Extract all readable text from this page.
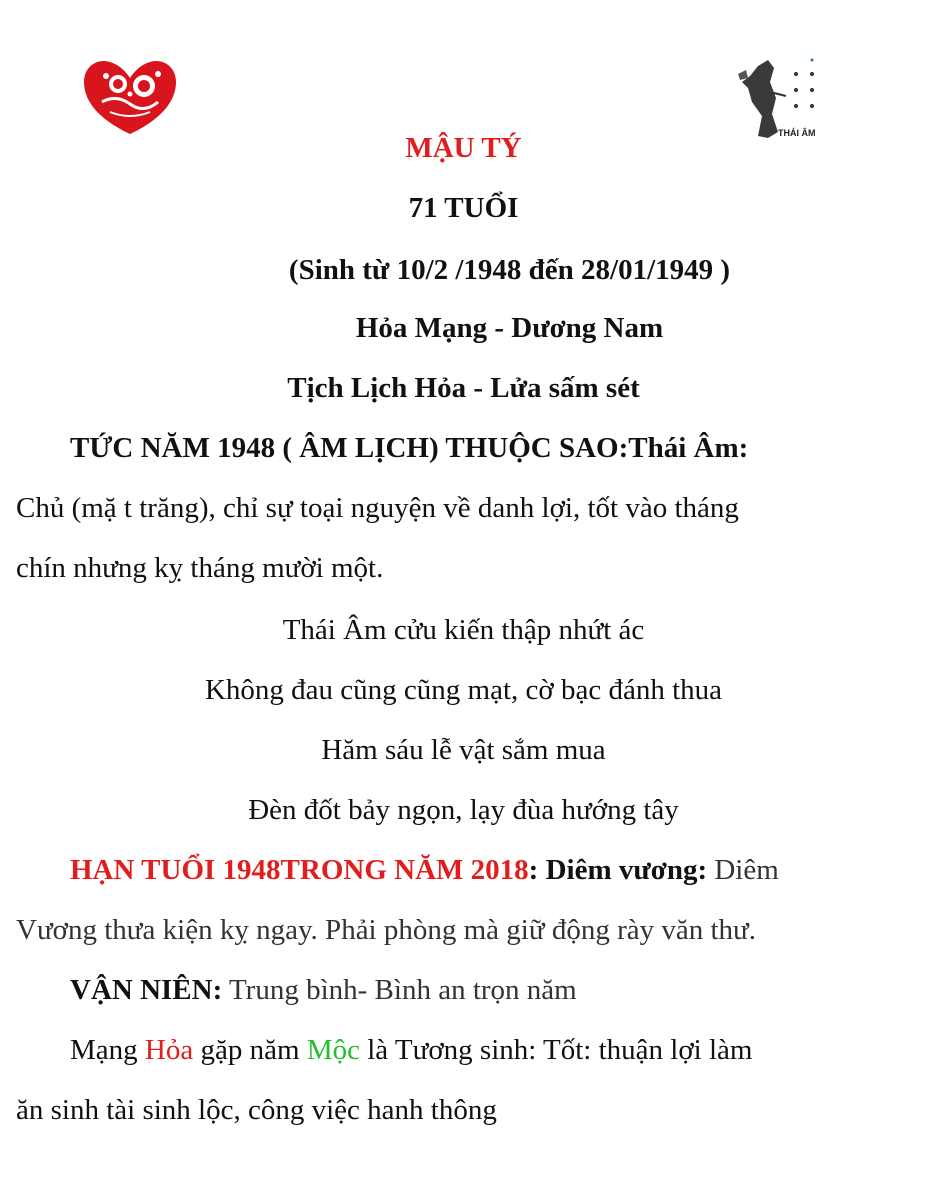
THÁI ÂM
MẬU TÝ
71 TUỔI
(Sinh từ 10/2 /1948 đến 28/01/1949 )
Hỏa Mạng - Dương Nam
Tịch Lịch Hỏa - Lửa sấm sét
TỨC NĂM 1948 ( ÂM LỊCH) THUỘC SAO:Thái Âm:
Chủ (mặ t trăng), chỉ sự toại nguyện về danh lợi, tốt vào tháng
chín nhưng kỵ tháng mười một.
Thái Âm cửu kiến thập nhứt ác
Không đau cũng cũng mạt, cờ bạc đánh thua
Hăm sáu lễ vật sắm mua
Đèn đốt bảy ngọn, lạy đùa hướng tây
HẠN TUỔI 1948TRONG NĂM 2018: Diêm vương: Diêm
Vương thưa kiện kỵ ngay. Phải phòng mà giữ động rày văn thư.
VẬN NIÊN: Trung bình- Bình an trọn năm
Mạng Hỏa gặp năm Mộc là Tương sinh: Tốt: thuận lợi làm
ăn sinh tài sinh lộc, công việc hanh thông
